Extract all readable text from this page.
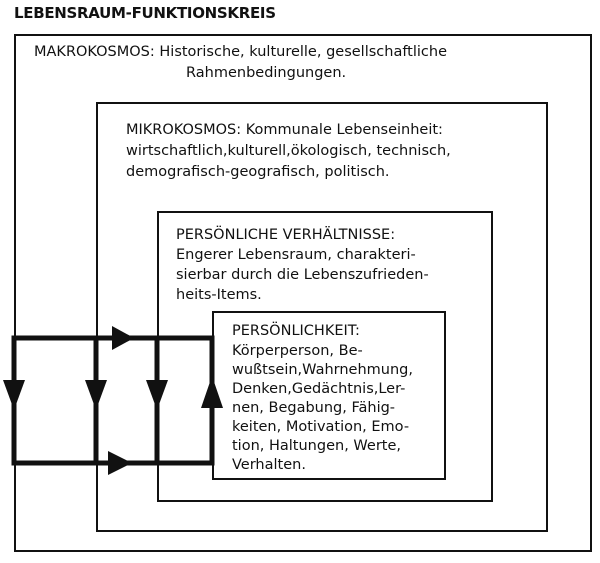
LEBENSRAUM-FUNKTIONSKREIS
MAKROKOSMOS: Historische, kulturelle, gesellschaftliche
Rahmenbedingungen.
MIKROKOSMOS: Kommunale Lebenseinheit:
wirtschaftlich,kulturell,ökologisch, technisch,
demografisch-geografisch, politisch.
PERSÖNLICHE VERHÄLTNISSE:
Engerer Lebensraum, charakteri-
sierbar durch die Lebenszufrieden-
heits-Items.
PERSÖNLICHKEIT:
Körperperson, Be-
wußtsein,Wahrnehmung,
Denken,Gedächtnis,Ler-
nen, Begabung, Fähig-
keiten, Motivation, Emo-
tion, Haltungen, Werte,
Verhalten.
